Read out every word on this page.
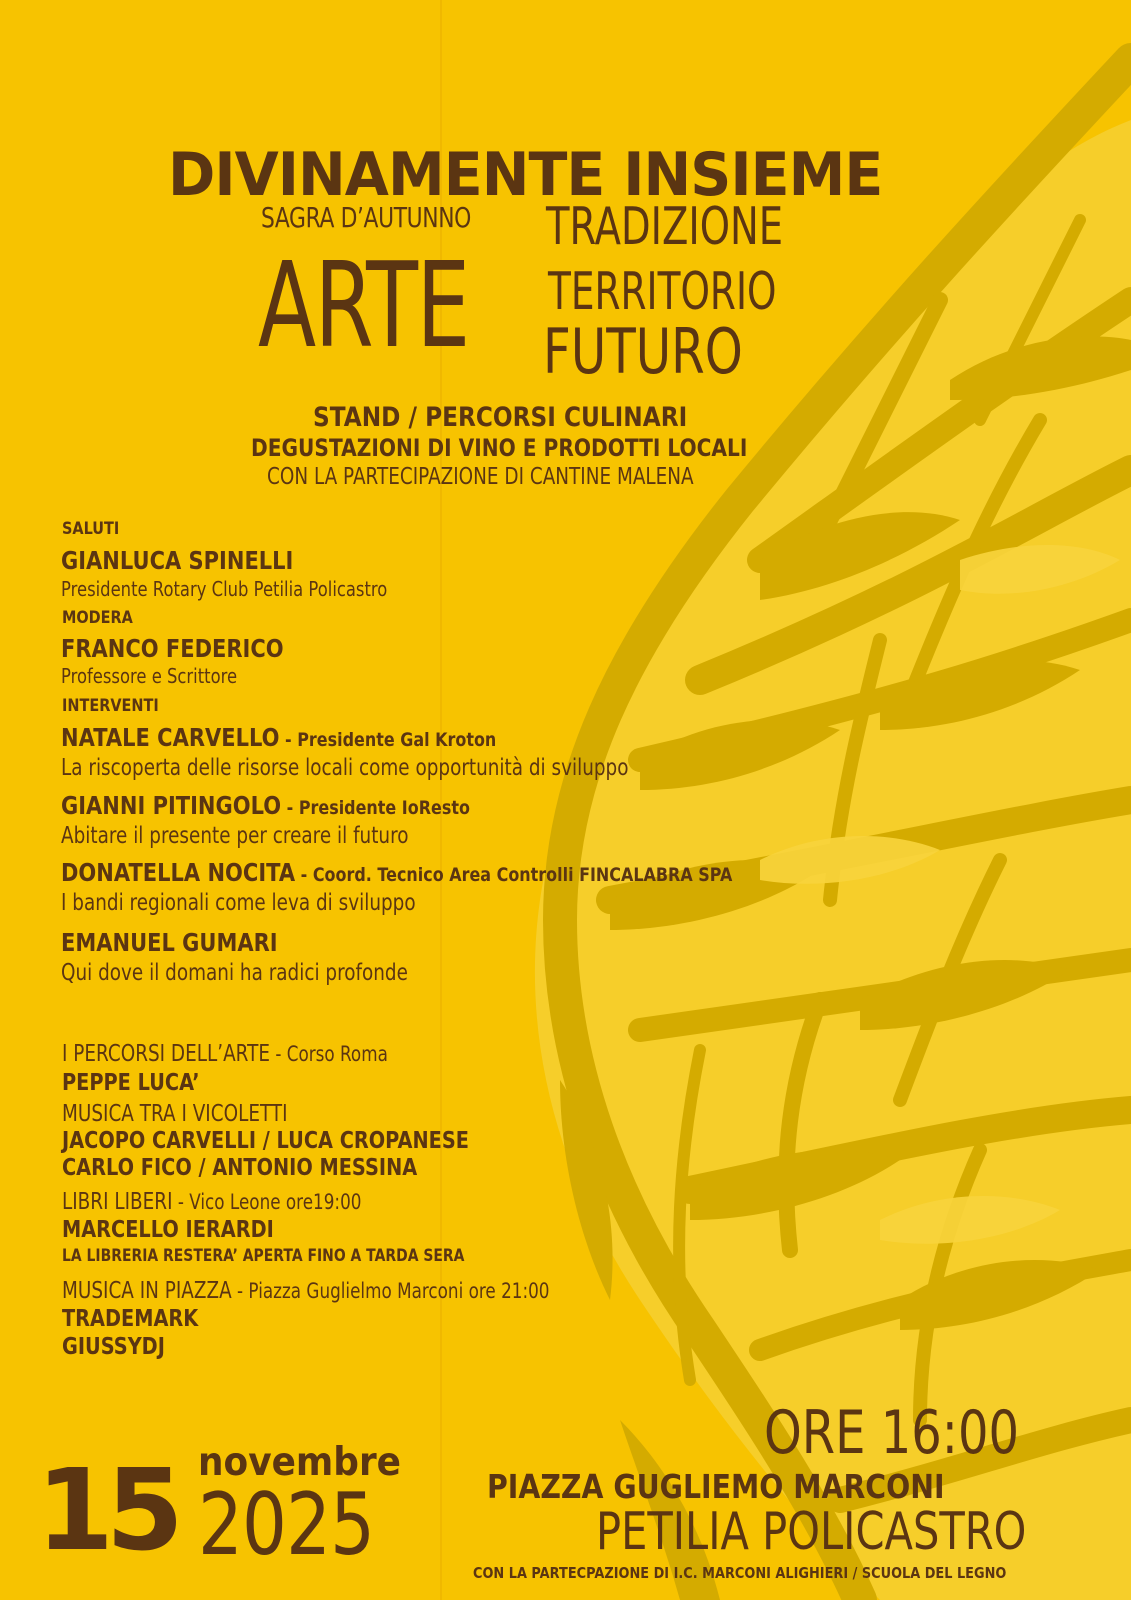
DIVINAMENTE INSIEME
SAGRA D’AUTUNNO
ARTE
TRADIZIONE
TERRITORIO
FUTURO
STAND / PERCORSI CULINARI
DEGUSTAZIONI DI VINO E PRODOTTI LOCALI
CON LA PARTECIPAZIONE DI CANTINE MALENA
SALUTI
GIANLUCA SPINELLI
Presidente Rotary Club Petilia Policastro
MODERA
FRANCO FEDERICO
Professore e Scrittore
INTERVENTI
NATALE CARVELLO - Presidente Gal Kroton
La riscoperta delle risorse locali come opportunità di sviluppo
GIANNI PITINGOLO - Presidente IoResto
Abitare il presente per creare il futuro
DONATELLA NOCITA - Coord. Tecnico Area Controlli FINCALABRA SPA
I bandi regionali come leva di sviluppo
EMANUEL GUMARI
Qui dove il domani ha radici profonde
I PERCORSI DELL’ARTE - Corso Roma
PEPPE LUCA’
MUSICA TRA I VICOLETTI
JACOPO CARVELLI / LUCA CROPANESE
CARLO FICO / ANTONIO MESSINA
LIBRI LIBERI - Vico Leone ore19:00
MARCELLO IERARDI
LA LIBRERIA RESTERA’ APERTA FINO A TARDA SERA
MUSICA IN PIAZZA - Piazza Guglielmo Marconi ore 21:00
TRADEMARK
GIUSSYDJ
15 novembre
2025
ORE 16:00
PIAZZA GUGLIEMO MARCONI
PETILIA POLICASTRO
CON LA PARTECPAZIONE DI I.C. MARCONI ALIGHIERI / SCUOLA DEL LEGNO
